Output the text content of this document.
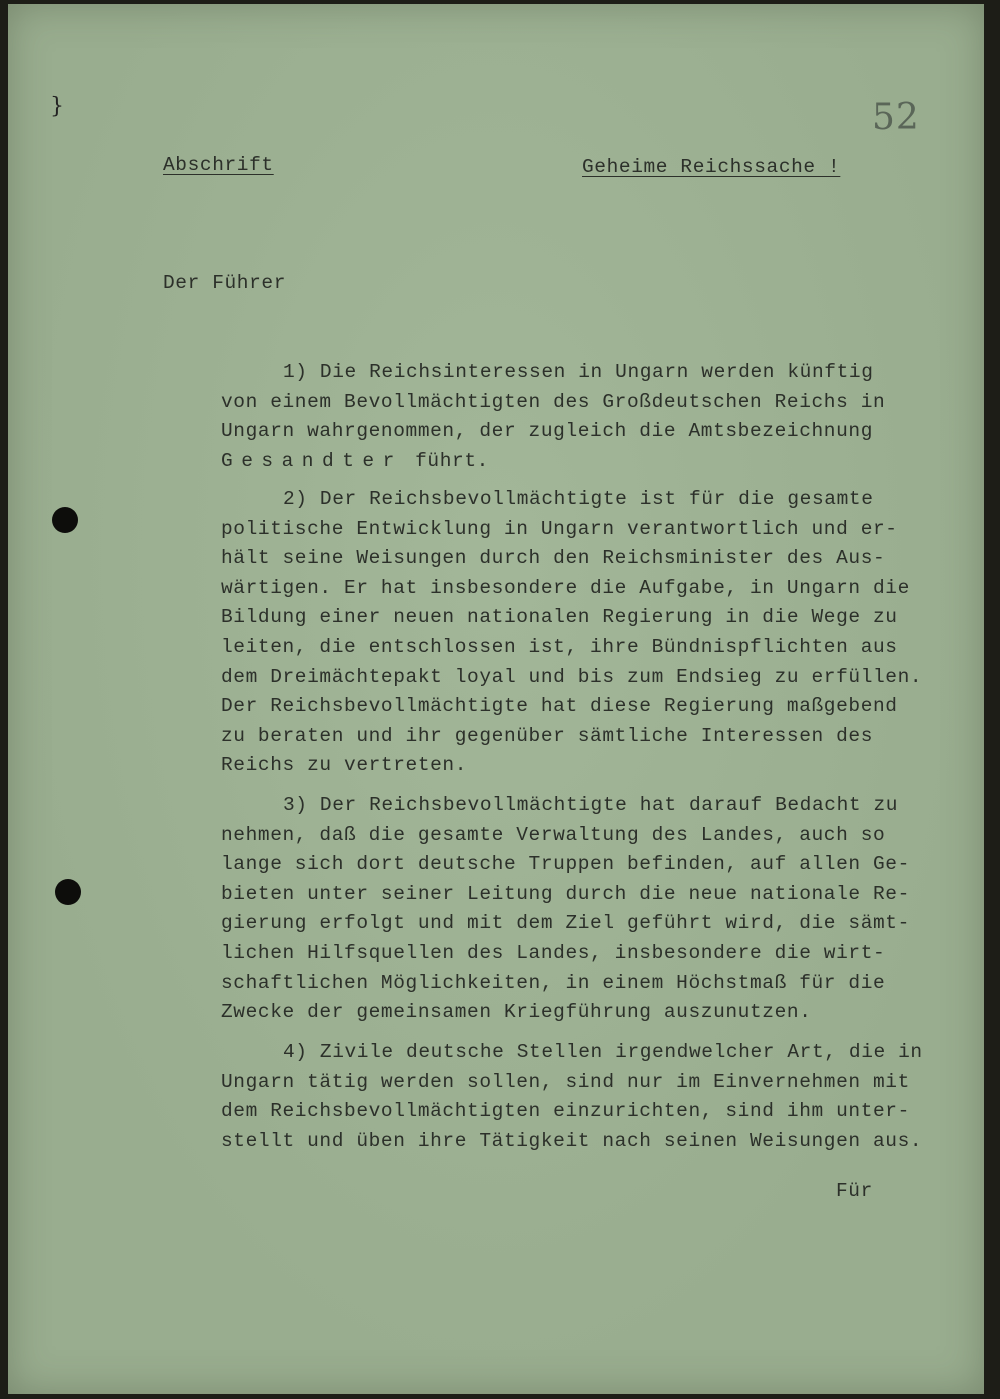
}	52
Abschrift	Geheime Reichssache !
Der Führer
1) Die Reichsinteressen in Ungarn werden künftig
von einem Bevollmächtigten des Großdeutschen Reichs in
Ungarn wahrgenommen, der zugleich die Amtsbezeichnung
Gesandter führt.
2) Der Reichsbevollmächtigte ist für die gesamte
politische Entwicklung in Ungarn verantwortlich und er-
hält seine Weisungen durch den Reichsminister des Aus-
wärtigen. Er hat insbesondere die Aufgabe, in Ungarn die
Bildung einer neuen nationalen Regierung in die Wege zu
leiten, die entschlossen ist, ihre Bündnispflichten aus
dem Dreimächtepakt loyal und bis zum Endsieg zu erfüllen.
Der Reichsbevollmächtigte hat diese Regierung maßgebend
zu beraten und ihr gegenüber sämtliche Interessen des
Reichs zu vertreten.
3) Der Reichsbevollmächtigte hat darauf Bedacht zu
nehmen, daß die gesamte Verwaltung des Landes, auch so
lange sich dort deutsche Truppen befinden, auf allen Ge-
bieten unter seiner Leitung durch die neue nationale Re-
gierung erfolgt und mit dem Ziel geführt wird, die sämt-
lichen Hilfsquellen des Landes, insbesondere die wirt-
schaftlichen Möglichkeiten, in einem Höchstmaß für die
Zwecke der gemeinsamen Kriegführung auszunutzen.
4) Zivile deutsche Stellen irgendwelcher Art, die in
Ungarn tätig werden sollen, sind nur im Einvernehmen mit
dem Reichsbevollmächtigten einzurichten, sind ihm unter-
stellt und üben ihre Tätigkeit nach seinen Weisungen aus.
Für
